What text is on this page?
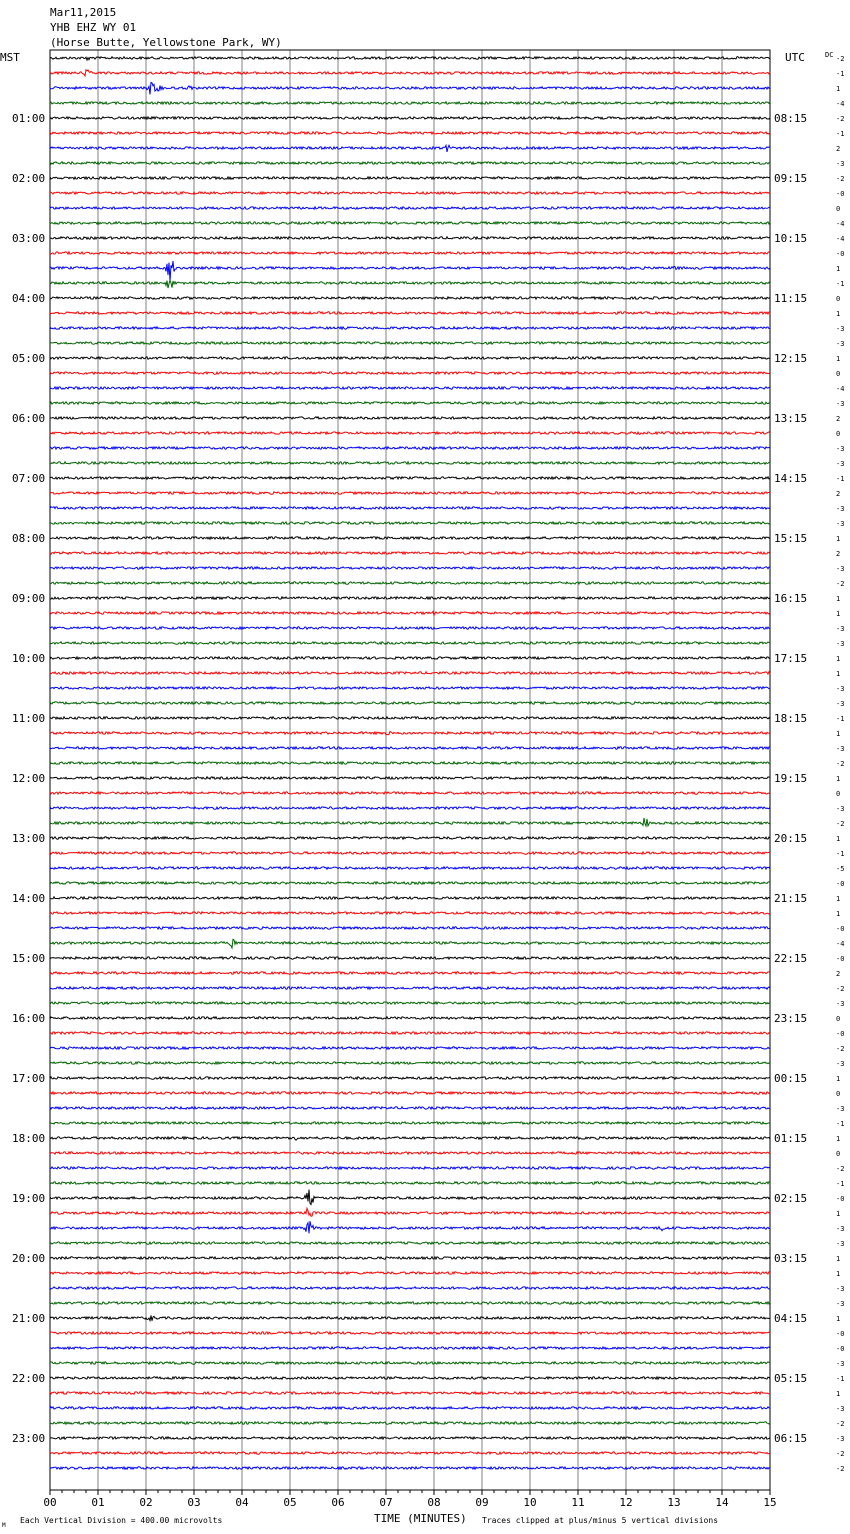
Mar11,2015
YHB EHZ WY 01
(Horse Butte, Yellowstone Park, WY)
MST	UTC	DC
01:00
02:00
03:00
04:00
05:00
06:00
07:00
08:00
09:00
10:00
11:00
12:00
13:00
14:00
15:00
16:00
17:00
18:00
19:00
20:00
21:00
22:00
23:00
08:15
09:15
10:15
11:15
12:15
13:15
14:15
15:15
16:15
17:15
18:15
19:15
20:15
21:15
22:15
23:15
00:15
01:15
02:15
03:15
04:15
05:15
06:15
-2
-1
1
-4
-2
-1
2
-3
-2
-0
0
-4
-4
-0
1
-1
0
1
-3
-3
1
0
-4
-3
2
0
-3
-3
-1
2
-3
-3
1
2
-3
-2
1
1
-3
-3
1
1
-3
-3
-1
1
-3
-2
1
0
-3
-2
1
-1
-5
-0
1
1
-0
-4
-0
2
-2
-3
0
-0
-2
-3
1
0
-3
-1
1
0
-2
-1
-0
1
-3
-3
1
1
-3
-3
1
-0
-0
-3
-1
1
-3
-2
-3
-2
-2
00	01	02	03	04	05	06	07	08	09	10	11	12	13	14	15
M
Each Vertical Division = 400.00 microvolts	TIME (MINUTES) Traces clipped at plus/minus 5 vertical divisions
